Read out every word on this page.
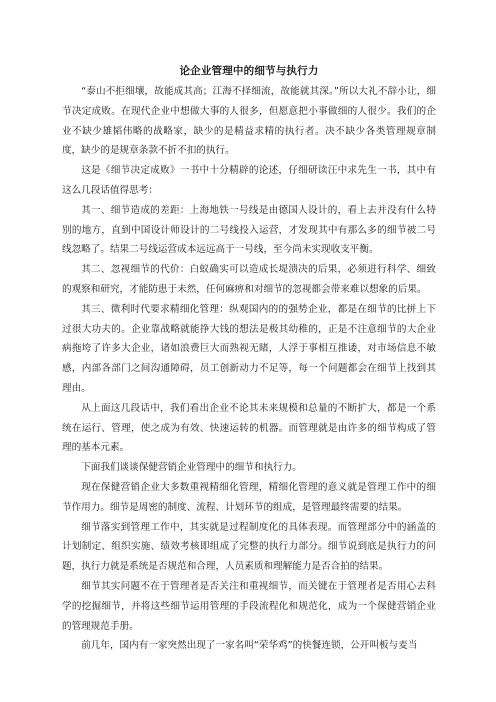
论企业管理中的细节与执行力

“泰山不拒细壤，故能成其高；江海不择细流，故能就其深。”所以大礼不辞小让，细节决定成败。在现代企业中想做大事的人很多，但愿意把小事做细的人很少。我们的企业不缺少雄韬伟略的战略家，缺少的是精益求精的执行者。决不缺少各类管理规章制度，缺少的是规章条款不折不扣的执行。

这是《细节决定成败》一书中十分精辟的论述，仔细研读汪中求先生一书，其中有这么几段话值得思考：

其一、细节造成的差距：上海地铁一号线是由德国人设计的，看上去并没有什么特别的地方，直到中国设计师设计的二号线投入运营，才发现其中有那么多的细节被二号线忽略了。结果二号线运营成本远远高于一号线，至今尚未实现收支平衡。

其二、忽视细节的代价：白蚁确实可以造成长堤溃决的后果，必须进行科学、细致的观察和研究，才能防患于未然，任何麻痹和对细节的忽视都会带来难以想象的后果。

其三、微利时代要求精细化管理：纵观国内的的强势企业，都是在细节的比拼上下过很大功夫的。企业靠战略就能挣大钱的想法是极其幼稚的，正是不注意细节的大企业病拖垮了许多大企业，诸如浪费巨大而熟视无睹，人浮于事相互推诿，对市场信息不敏感，内部各部门之间沟通障碍，员工创新动力不足等，每一个问题都会在细节上找到其理由。

从上面这几段话中，我们看出企业不论其未来规模和总量的不断扩大，都是一个系统在运行、管理，使之成为有效、快速运转的机器。而管理就是由许多的细节构成了管理的基本元素。

下面我们谈谈保健营销企业管理中的细节和执行力。

现在保健营销企业大多数重视精细化管理，精细化管理的意义就是管理工作中的细节作用力。细节是周密的制度、流程、计划环节的组成，是管理最终需要的结果。

细节落实到管理工作中，其实就是过程制度化的具体表现。而管理部分中的涵盖的计划制定、组织实施、绩效考核即组成了完整的执行力部分。细节说到底是执行力的问题，执行力就是系统是否规范和合理，人员素质和理解能力是否合拍的结果。

细节其实问题不在于管理者是否关注和重视细节，而关键在于管理者是否用心去科学的挖掘细节，并将这些细节运用管理的手段流程化和规范化，成为一个保健营销企业的管理规范手册。

前几年，国内有一家突然出现了一家名叫“荣华鸡”的快餐连锁，公开叫板与麦当
